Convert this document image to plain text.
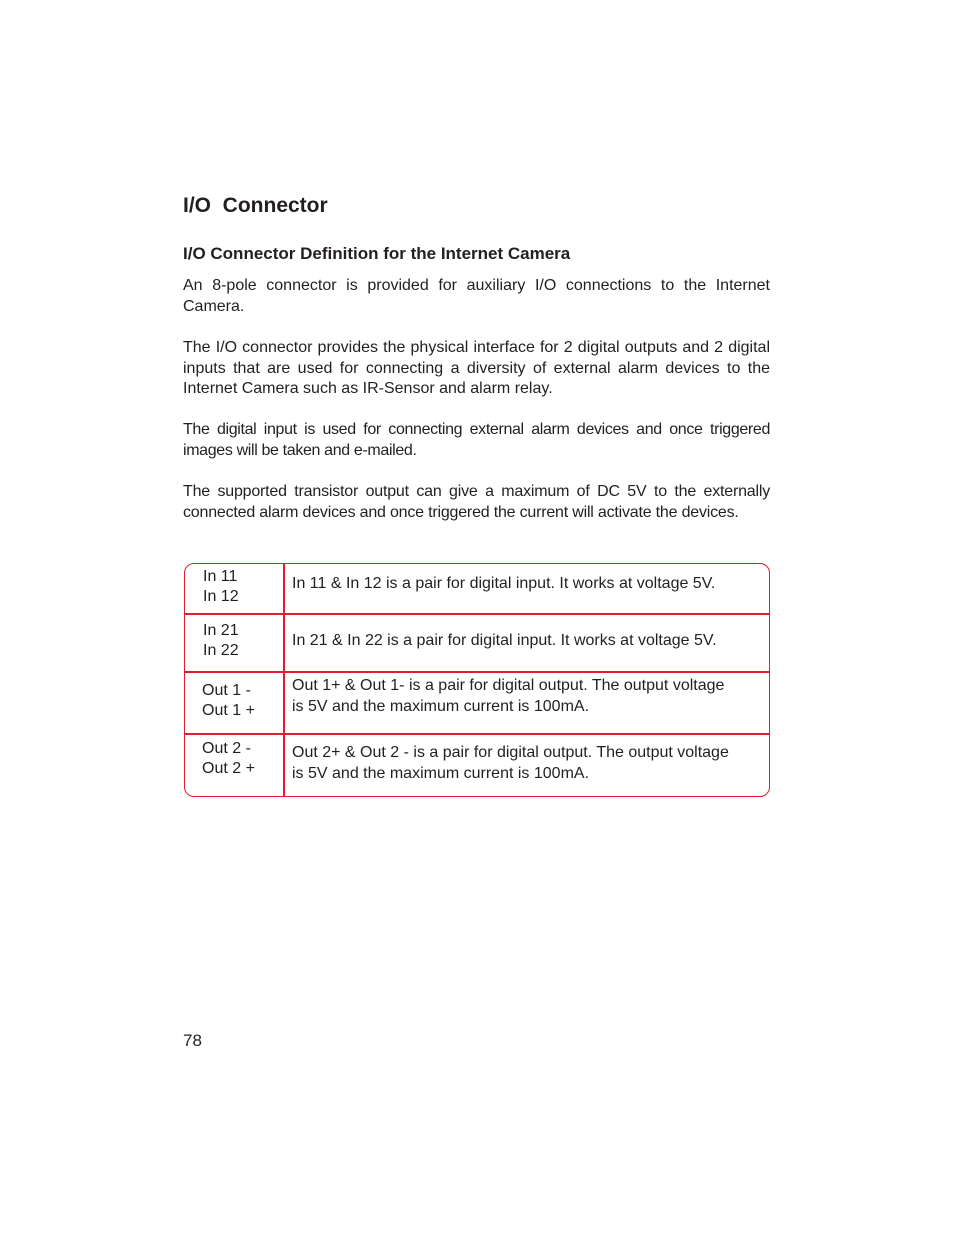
I/O  Connector
I/O Connector Definition for the Internet Camera

An 8-pole connector is provided for auxiliary I/O connections to the Internet Camera.

The I/O connector provides the physical interface for 2 digital outputs and 2 digital inputs that are used for connecting a diversity of external alarm devices to the Internet Camera such as IR-Sensor and alarm relay.

The digital input is used for connecting external alarm devices and once triggered images will be taken and e-mailed.

The supported transistor output can give a maximum of DC 5V to the externally connected alarm devices and once triggered the current will activate the devices.

In 11
In 12
In 11 & In 12 is a pair for digital input. It works at voltage 5V.
In 21
In 22
In 21 & In 22 is a pair for digital input. It works at voltage 5V.
Out 1 -
Out 1 +
Out 1+ & Out 1- is a pair for digital output. The output voltage
is 5V and the maximum current is 100mA.
Out 2 -
Out 2 +
Out 2+ & Out 2 - is a pair for digital output. The output voltage
is 5V and the maximum current is 100mA.
78
